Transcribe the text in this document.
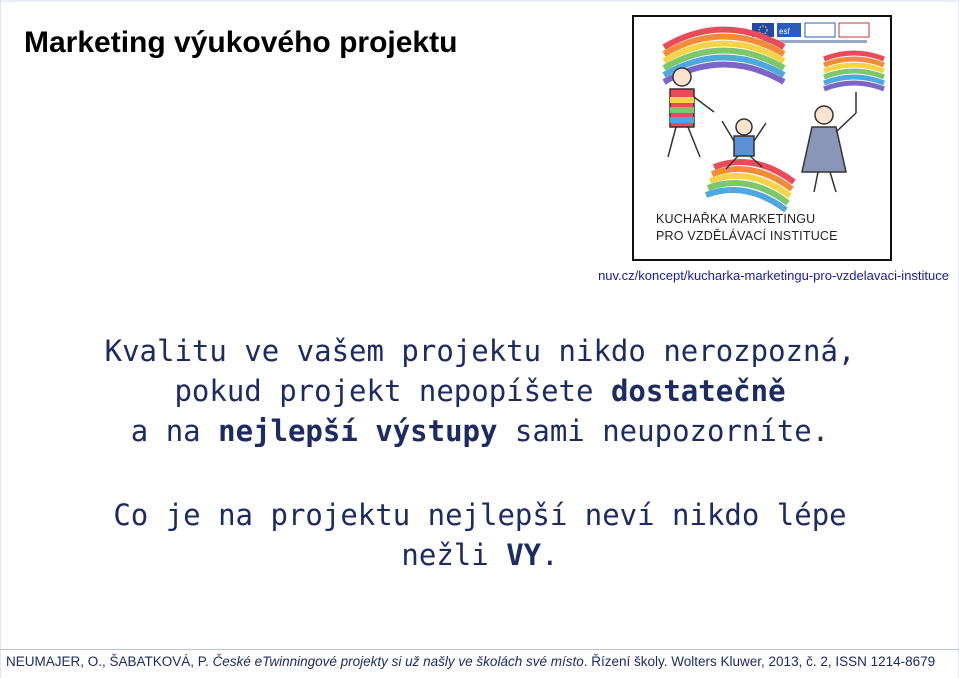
Marketing výukového projektu	esf
KUCHAŘKA MARKETINGU
PRO VZDĚLÁVACÍ INSTITUCE
nuv.cz/koncept/kucharka-marketingu-pro-vzdelavaci-instituce
Kvalitu ve vašem projektu nikdo nerozpozná,
pokud projekt nepopíšete dostatečně
a na nejlepší výstupy sami neupozorníte.
Co je na projektu nejlepší neví nikdo lépe
nežli VY.
NEUMAJER, O., ŠABATKOVÁ, P. České eTwinningové projekty si už našly ve školách své místo. Řízení školy. Wolters Kluwer, 2013, č. 2, ISSN 1214-8679
